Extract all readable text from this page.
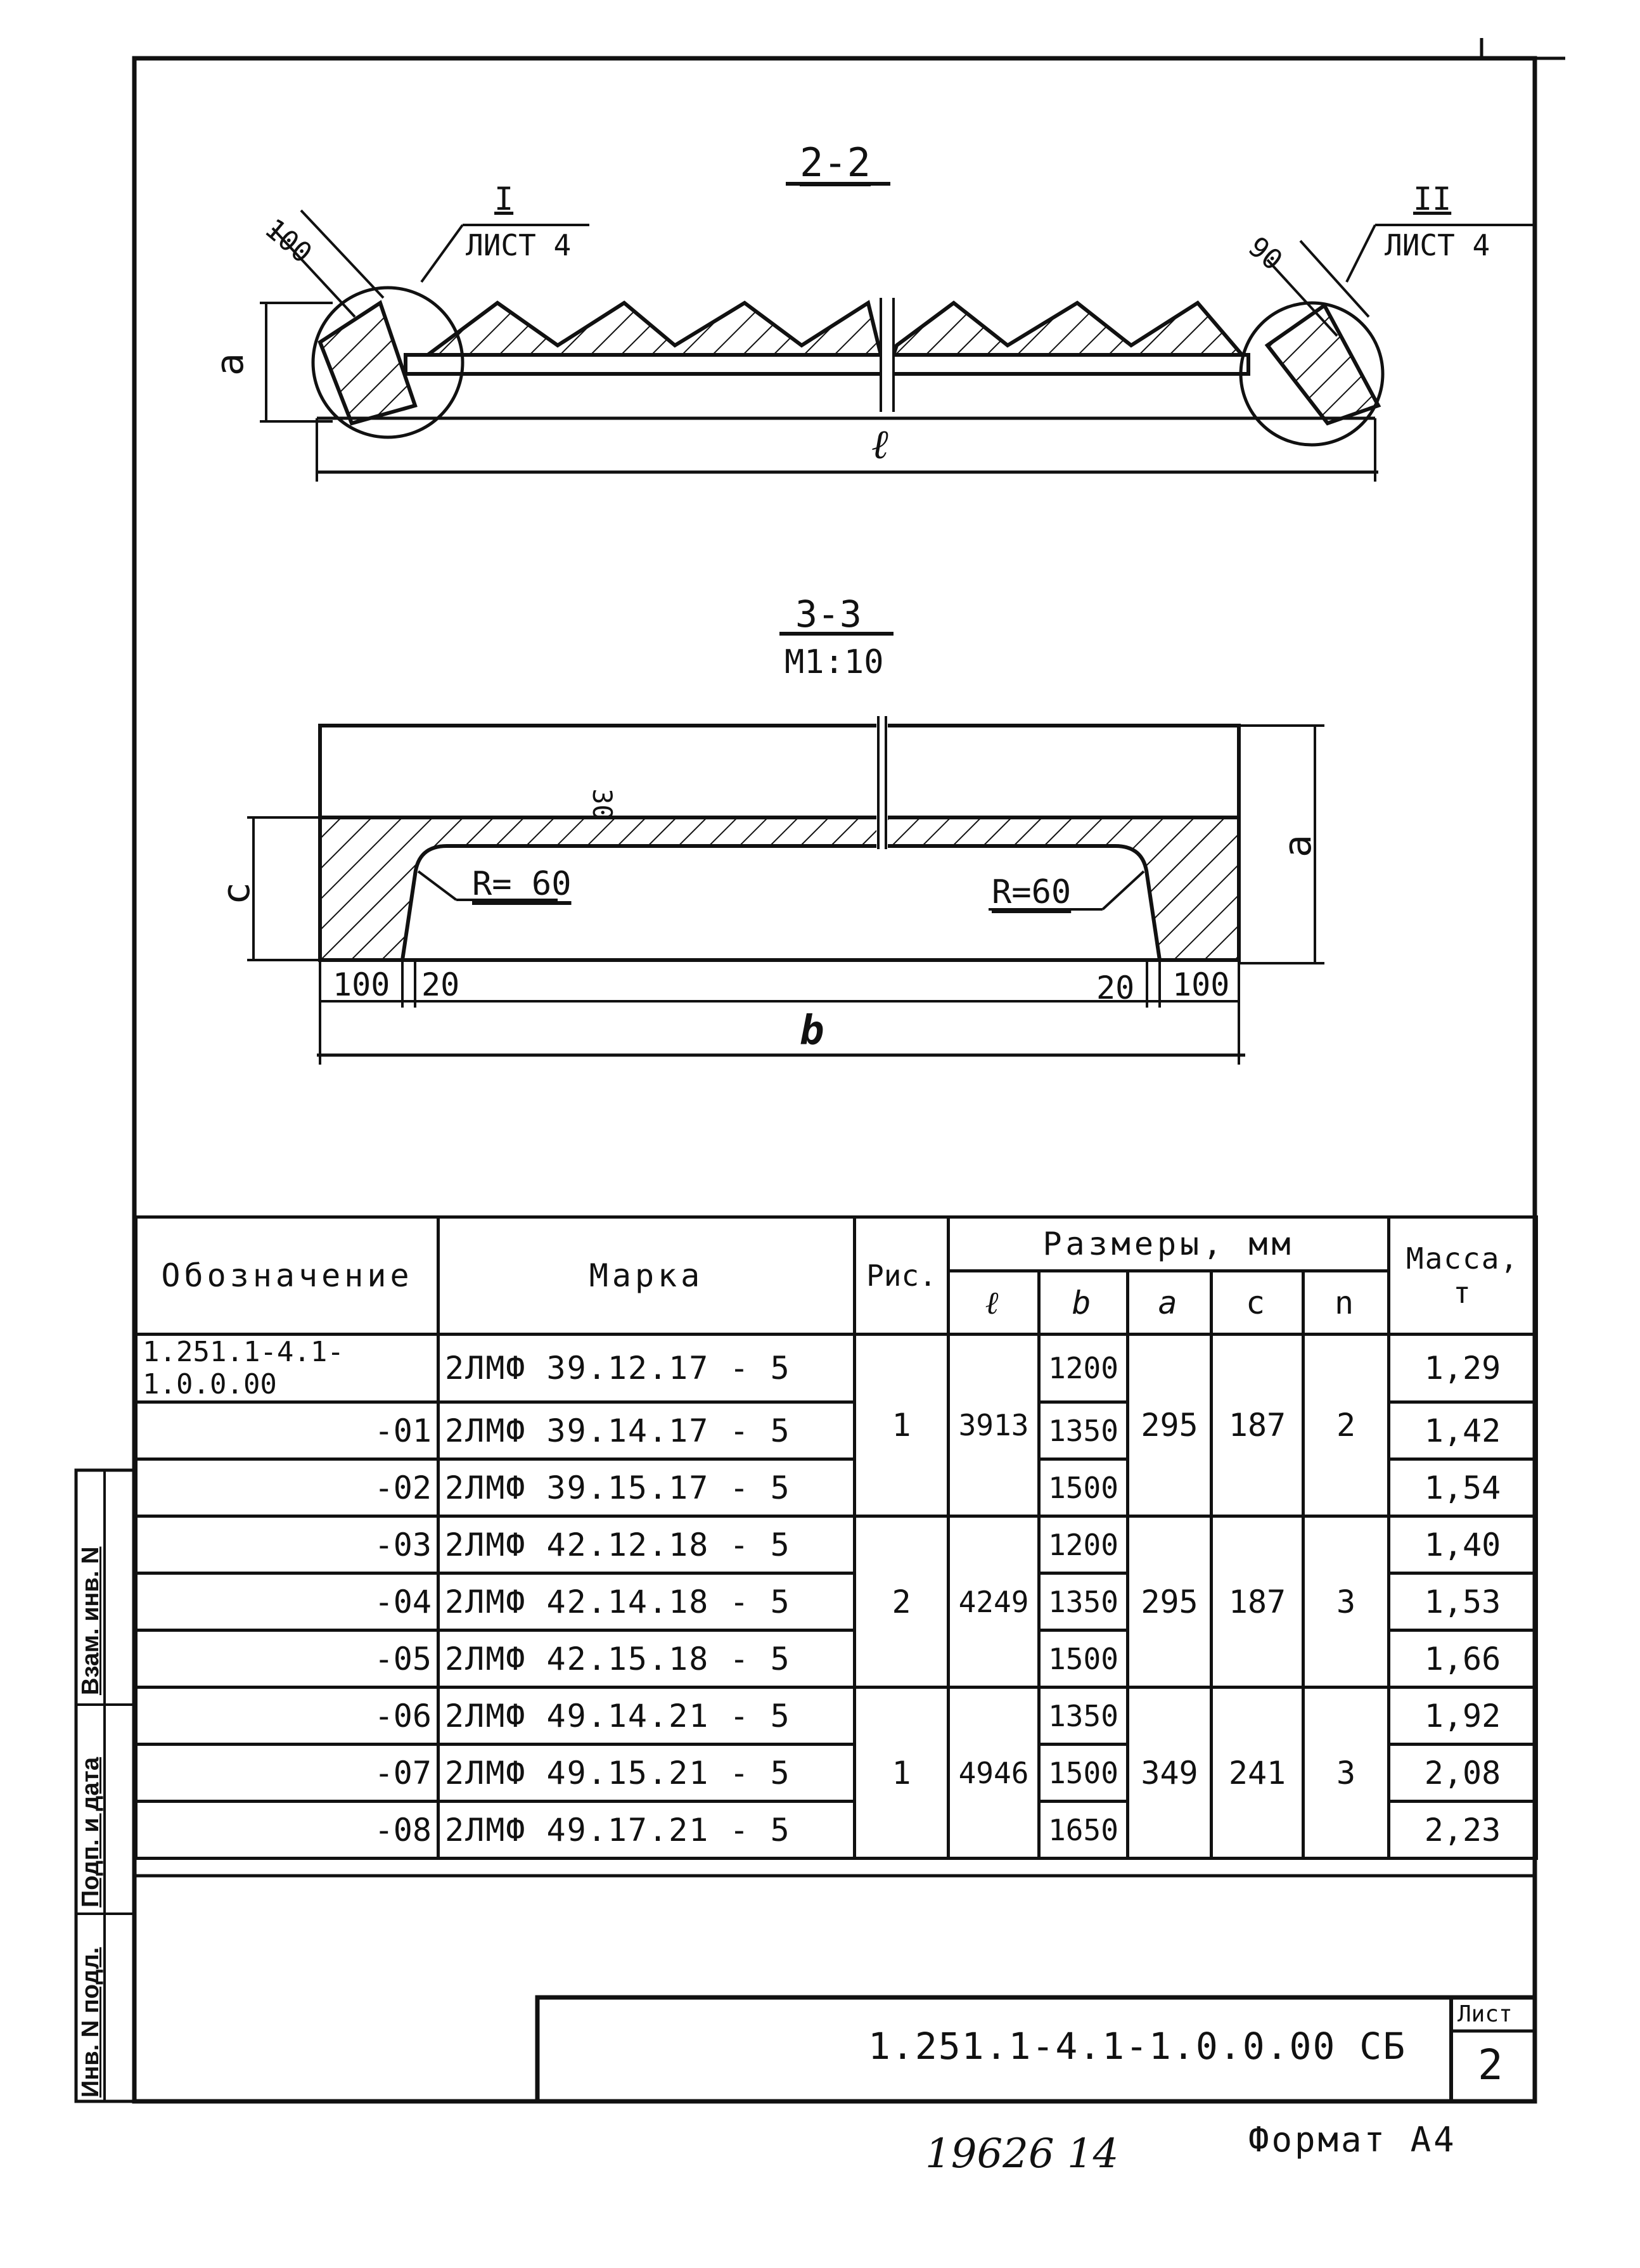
2-2
I
ЛИСТ 4
II
ЛИСТ 4
100	90
a
ℓ
3-3
М1:10
30
c
a
R= 60	R=60
100 20	20 100
b
Обозначение	Марка	Рис.	Размеры, мм					Масса, т
			ℓ	b	a	c	n	
1.251.1-4.1-1.0.0.00	2ЛМФ 39.12.17 - 5	1	3913	1200	295	187	2	1,29
-01	2ЛМФ 39.14.17 - 5			1350				1,42
-02	2ЛМФ 39.15.17 - 5			1500				1,54
-03	2ЛМФ 42.12.18 - 5	2	4249	1200	295	187	3	1,40
-04	2ЛМФ 42.14.18 - 5			1350				1,53
-05	2ЛМФ 42.15.18 - 5			1500				1,66
-06	2ЛМФ 49.14.21 - 5	1	4946	1350	349	241	3	1,92
-07	2ЛМФ 49.15.21 - 5			1500				2,08
-08	2ЛМФ 49.17.21 - 5			1650				2,23
1.251.1-4.1-1.0.0.00 СБ
Лист
2
Инв. N подл.
Подп. и дата
Взам. инв. N
19626 14	Формат А4
